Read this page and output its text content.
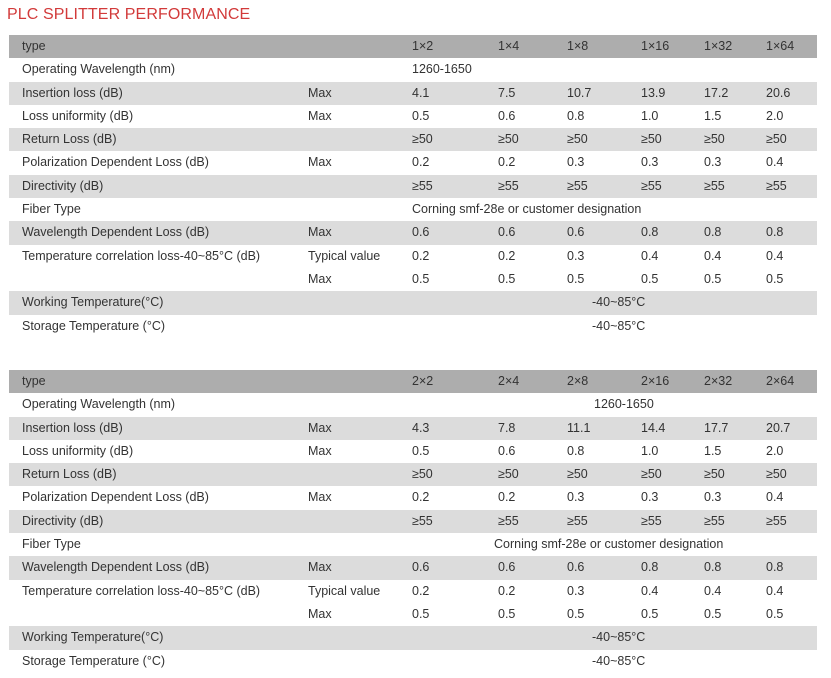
PLC SPLITTER PERFORMANCE
type	1×2	1×4	1×8	1×16	1×32	1×64
Operating Wavelength (nm)	1260-1650
Insertion loss (dB)	Max	4.1	7.5	10.7	13.9	17.2	20.6
Loss uniformity (dB)	Max	0.5	0.6	0.8	1.0	1.5	2.0
Return Loss (dB)	≥50	≥50	≥50	≥50	≥50	≥50
Polarization Dependent Loss (dB)	Max	0.2	0.2	0.3	0.3	0.3	0.4
Directivity (dB)	≥55	≥55	≥55	≥55	≥55	≥55
Fiber Type	Corning smf-28e or customer designation
Wavelength Dependent Loss (dB)	Max	0.6	0.6	0.6	0.8	0.8	0.8
Temperature correlation loss-40~85°C (dB)	Typical value	0.2	0.2	0.3	0.4	0.4	0.4
Max	0.5	0.5	0.5	0.5	0.5	0.5
Working Temperature(°C)	-40~85°C
Storage Temperature (°C)	-40~85°C
type	2×2	2×4	2×8	2×16	2×32	2×64
Operating Wavelength (nm)	1260-1650
Insertion loss (dB)	Max	4.3	7.8	11.1	14.4	17.7	20.7
Loss uniformity (dB)	Max	0.5	0.6	0.8	1.0	1.5	2.0
Return Loss (dB)	≥50	≥50	≥50	≥50	≥50	≥50
Polarization Dependent Loss (dB)	Max	0.2	0.2	0.3	0.3	0.3	0.4
Directivity (dB)	≥55	≥55	≥55	≥55	≥55	≥55
Fiber Type	Corning smf-28e or customer designation
Wavelength Dependent Loss (dB)	Max	0.6	0.6	0.6	0.8	0.8	0.8
Temperature correlation loss-40~85°C (dB)	Typical value	0.2	0.2	0.3	0.4	0.4	0.4
Max	0.5	0.5	0.5	0.5	0.5	0.5
Working Temperature(°C)	-40~85°C
Storage Temperature (°C)	-40~85°C
